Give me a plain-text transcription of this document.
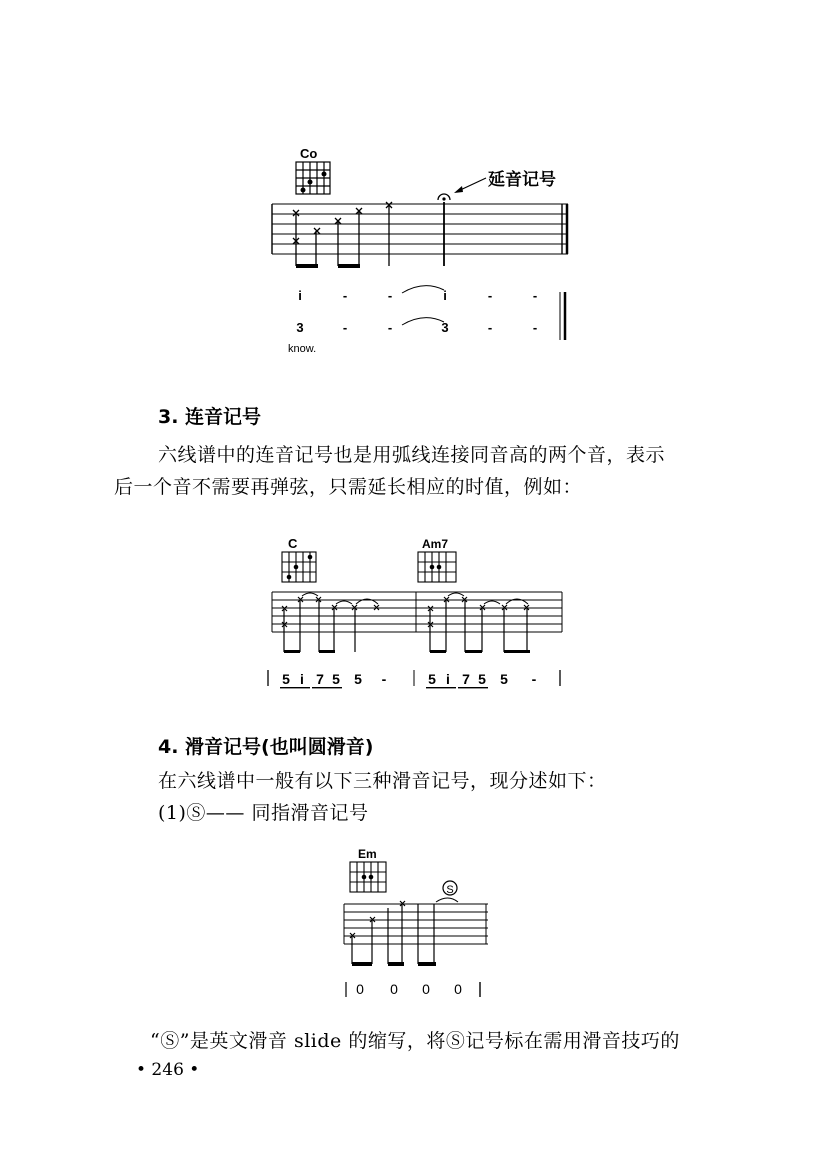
Co
延音记号
i	-	-	i	-	-
3	-	-	3	-	-
know.
3. 连音记号
六线谱中的连音记号也是用弧线连接同音高的两个音，表示
后一个音不需要再弹弦，只需延长相应的时值，例如：
C	Am7
5 i 7 5 5 -	5 i 7 5 5 -
4. 滑音记号(也叫圆滑音)
在六线谱中一般有以下三种滑音记号，现分述如下：
(1)Ⓢ—— 同指滑音记号
Em
S
0 0 0 0
“Ⓢ”是英文滑音 slide 的缩写，将Ⓢ记号标在需用滑音技巧的
• 246 •
